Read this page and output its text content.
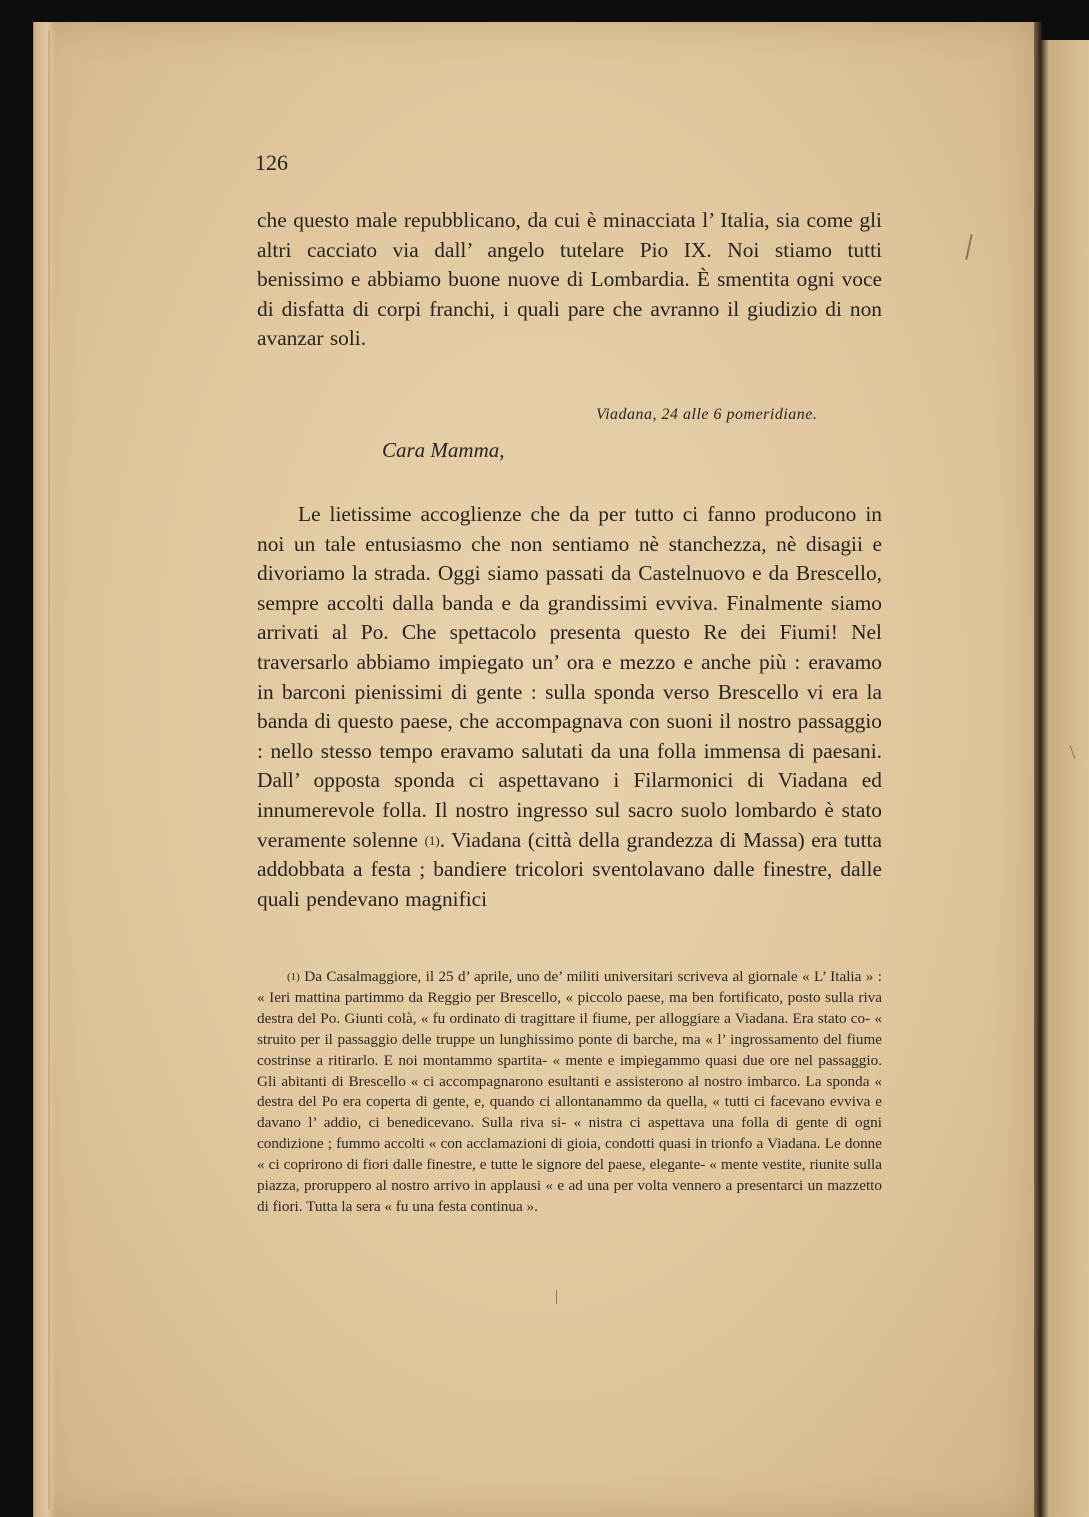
126
che questo male repubblicano, da cui è minacciata l’ Italia, sia come gli altri cacciato via dall’ angelo tutelare Pio IX. Noi stiamo tutti benissimo e abbiamo buone nuove di Lombardia. È smentita ogni voce di disfatta di corpi franchi, i quali pare che avranno il giudizio di non avanzar soli.
Viadana, 24 alle 6 pomeridiane.
Cara Mamma,
Le lietissime accoglienze che da per tutto ci fanno producono in noi un tale entusiasmo che non sentiamo nè stanchezza, nè disagii e divoriamo la strada. Oggi siamo passati da Castelnuovo e da Brescello, sempre accolti dalla banda e da grandissimi evviva. Finalmente siamo arrivati al Po. Che spettacolo presenta questo Re dei Fiumi! Nel traversarlo abbiamo impiegato un’ ora e mezzo e anche più : eravamo in barconi pienissimi di gente : sulla sponda verso Brescello vi era la banda di questo paese, che accompagnava con suoni il nostro passaggio : nello stesso tempo eravamo salutati da una folla immensa di paesani. Dall’ opposta sponda ci aspettavano i Filarmonici di Viadana ed innumerevole folla. Il nostro ingresso sul sacro suolo lombardo è stato veramente solenne $^{(1)}$. Viadana (città della grandezza di Massa) era tutta addobbata a festa ; bandiere tricolori sventolavano dalle finestre, dalle quali pendevano magnifici
$^{(1)}$ Da Casalmaggiore, il 25 d’ aprile, uno de’ militi universitari scriveva al giornale « L’ Italia » : « Ieri mattina partimmo da Reggio per Brescello, « piccolo paese, ma ben fortificato, posto sulla riva destra del Po. Giunti colà, « fu ordinato di tragittare il fiume, per alloggiare a Viadana. Era stato co- « struito per il passaggio delle truppe un lunghissimo ponte di barche, ma « l’ ingrossamento del fiume costrinse a ritirarlo. E noi montammo spartita- « mente e impiegammo quasi due ore nel passaggio. Gli abitanti di Brescello « ci accompagnarono esultanti e assisterono al nostro imbarco. La sponda « destra del Po era coperta di gente, e, quando ci allontanammo da quella, « tutti ci facevano evviva e davano l’ addio, ci benedicevano. Sulla riva si- « nistra ci aspettava una folla di gente di ogni condizione ; fummo accolti « con acclamazioni di gioia, condotti quasi in trionfo a Viadana. Le donne « ci coprirono di fiori dalle finestre, e tutte le signore del paese, elegante- « mente vestite, riunite sulla piazza, proruppero al nostro arrivo in applausi « e ad una per volta vennero a presentarci un mazzetto di fiori. Tutta la sera « fu una festa continua ».
